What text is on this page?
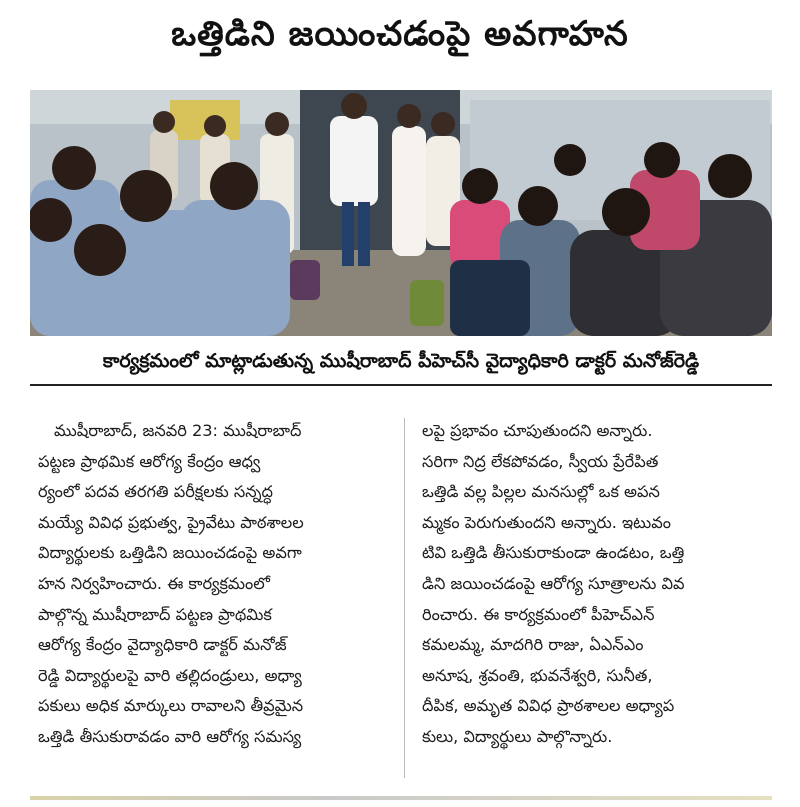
ఒత్తిడిని జయించడంపై అవగాహన
కార్యక్రమంలో మాట్లాడుతున్న ముషీరాబాద్ పీహెచ్‌సీ వైద్యాధికారి డాక్టర్ మనోజ్‌రెడ్డి

ముషీరాబాద్, జనవరి 23: ముషీరాబాద్

పట్టణ ప్రాథమిక ఆరోగ్య కేంద్రం ఆధ్వ

ర్యంలో పదవ తరగతి పరీక్షలకు సన్నద్ధ

మయ్యే వివిధ ప్రభుత్వ, ప్రైవేటు పాఠశాలల

విద్యార్థులకు ఒత్తిడిని జయించడంపై అవగా

హన నిర్వహించారు. ఈ కార్యక్రమంలో

పాల్గొన్న ముషీరాబాద్ పట్టణ ప్రాథమిక

ఆరోగ్య కేంద్రం వైద్యాధికారి డాక్టర్ మనోజ్

రెడ్డి విద్యార్థులపై వారి తల్లిదండ్రులు, అధ్యా

పకులు అధిక మార్కులు రావాలని తీవ్రమైన

ఒత్తిడి తీసుకురావడం వారి ఆరోగ్య సమస్య

లపై ప్రభావం చూపుతుందని అన్నారు.

సరిగా నిద్ర లేకపోవడం, స్వీయ ప్రేరేపిత

ఒత్తిడి వల్ల పిల్లల మనసుల్లో ఒక అపన

మ్మకం పెరుగుతుందని అన్నారు. ఇటువం

టివి ఒత్తిడి తీసుకురాకుండా ఉండటం, ఒత్తి

డిని జయించడంపై ఆరోగ్య సూత్రాలను వివ

రించారు. ఈ కార్యక్రమంలో పీహెచ్‌ఎన్

కమలమ్మ, మాదగిరి రాజు, ఏఎన్ఎం

అనూష, శ్రవంతి, భువనేశ్వరి, సునీత,

దీపిక, అమృత వివిధ ప్రాఠశాలల అధ్యాప

కులు, విద్యార్థులు పాల్గొన్నారు.
